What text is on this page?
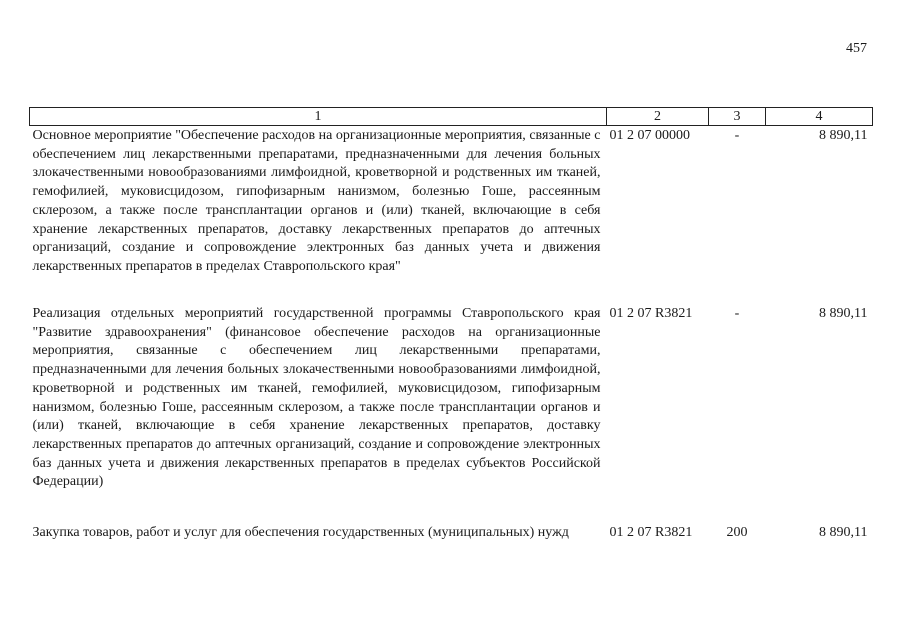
457
1	2	3	4
Основное мероприятие "Обеспечение расходов на организационные мероприятия, связанные с обеспечением лиц лекарственными препаратами, предназначенными для лечения больных злокачественными новообразованиями лимфоидной, кроветворной и родственных им тканей, гемофилией, муковисцидозом, гипофизарным нанизмом, болезнью Гоше, рассеянным склерозом, а также после трансплантации органов и (или) тканей, включающие в себя хранение лекарственных препаратов, доставку лекарственных препаратов до аптечных организаций, создание и сопровождение электронных баз данных учета и движения лекарственных препаратов в пределах Ставропольского края"	01 2 07 00000	-	8 890,11
Реализация отдельных мероприятий государственной программы Ставропольского края "Развитие здравоохранения" (финансовое обеспечение расходов на организационные мероприятия, связанные с обеспечением лиц лекарственными препаратами, предназначенными для лечения больных злокачественными новообразованиями лимфоидной, кроветворной и родственных им тканей, гемофилией, муковисцидозом, гипофизарным нанизмом, болезнью Гоше, рассеянным склерозом, а также после трансплантации органов и (или) тканей, включающие в себя хранение лекарственных препаратов, доставку лекарственных препаратов до аптечных организаций, создание и сопровождение электронных баз данных учета и движения лекарственных препаратов в пределах субъектов Российской Федерации)	01 2 07 R3821	-	8 890,11
Закупка товаров, работ и услуг для обеспечения государственных (муниципальных) нужд	01 2 07 R3821	200	8 890,11
